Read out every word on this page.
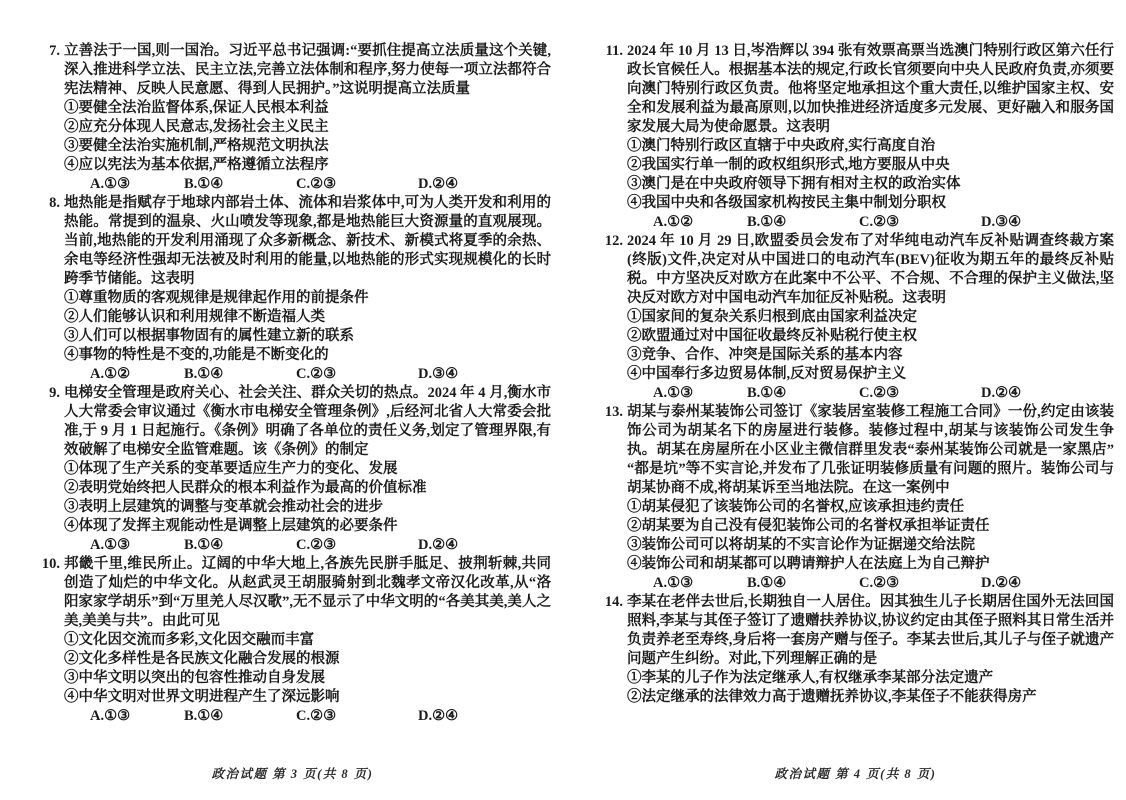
7. 立善法于一国,则一国治。习近平总书记强调:“要抓住提高立法质量这个关键,深入推进科学立法、民主立法,完善立法体制和程序,努力使每一项立法都符合宪法精神、反映人民意愿、得到人民拥护。”这说明提高立法质量

①要健全法治监督体系,保证人民根本利益

②应充分体现人民意志,发扬社会主义民主

③要健全法治实施机制,严格规范文明执法

④应以宪法为基本依据,严格遵循立法程序

A.①③	B.①④	C.②③	D.②④
8. 地热能是指赋存于地球内部岩土体、流体和岩浆体中,可为人类开发和利用的热能。常提到的温泉、火山喷发等现象,都是地热能巨大资源量的直观展现。当前,地热能的开发利用涌现了众多新概念、新技术、新模式将夏季的余热、余电等经济性强却无法被及时利用的能量,以地热能的形式实现规模化的长时跨季节储能。这表明

①尊重物质的客观规律是规律起作用的前提条件

②人们能够认识和利用规律不断造福人类

③人们可以根据事物固有的属性建立新的联系

④事物的特性是不变的,功能是不断变化的

A.①②	B.①④	C.②③	D.③④
9. 电梯安全管理是政府关心、社会关注、群众关切的热点。2024 年 4 月,衡水市人大常委会审议通过《衡水市电梯安全管理条例》,后经河北省人大常委会批准,于 9 月 1 日起施行。《条例》明确了各单位的责任义务,划定了管理界限,有效破解了电梯安全监管难题。该《条例》的制定

①体现了生产关系的变革要适应生产力的变化、发展

②表明党始终把人民群众的根本利益作为最高的价值标准

③表明上层建筑的调整与变革就会推动社会的进步

④体现了发挥主观能动性是调整上层建筑的必要条件

A.①③	B.①④	C.②③	D.②④
10. 邦畿千里,维民所止。辽阔的中华大地上,各族先民胼手胝足、披荆斩棘,共同创造了灿烂的中华文化。从赵武灵王胡服骑射到北魏孝文帝汉化改革,从“洛阳家家学胡乐”到“万里羌人尽汉歌”,无不显示了中华文明的“各美其美,美人之美,美美与共”。由此可见

①文化因交流而多彩,文化因交融而丰富

②文化多样性是各民族文化融合发展的根源

③中华文明以突出的包容性推动自身发展

④中华文明对世界文明进程产生了深远影响

A.①③	B.①④	C.②③	D.②④
政治试题 第 3 页(共 8 页)
11. 2024 年 10 月 13 日,岑浩辉以 394 张有效票高票当选澳门特别行政区第六任行政长官候任人。根据基本法的规定,行政长官须要向中央人民政府负责,亦须要向澳门特别行政区负责。他将坚定地承担这个重大责任,以维护国家主权、安全和发展利益为最高原则,以加快推进经济适度多元发展、更好融入和服务国家发展大局为使命愿景。这表明

①澳门特别行政区直辖于中央政府,实行高度自治

②我国实行单一制的政权组织形式,地方要服从中央

③澳门是在中央政府领导下拥有相对主权的政治实体

④我国中央和各级国家机构按民主集中制划分职权

A.①②	B.①④	C.②③	D.③④
12. 2024 年 10 月 29 日,欧盟委员会发布了对华纯电动汽车反补贴调查终裁方案(终版)文件,决定对从中国进口的电动汽车(BEV)征收为期五年的最终反补贴税。中方坚决反对欧方在此案中不公平、不合规、不合理的保护主义做法,坚决反对欧方对中国电动汽车加征反补贴税。这表明

①国家间的复杂关系归根到底由国家利益决定

②欧盟通过对中国征收最终反补贴税行使主权

③竞争、合作、冲突是国际关系的基本内容

④中国奉行多边贸易体制,反对贸易保护主义

A.①③	B.①④	C.②③	D.②④
13. 胡某与泰州某装饰公司签订《家装居室装修工程施工合同》一份,约定由该装饰公司为胡某名下的房屋进行装修。装修过程中,胡某与该装饰公司发生争执。胡某在房屋所在小区业主微信群里发表“泰州某装饰公司就是一家黑店”“都是坑”等不实言论,并发布了几张证明装修质量有问题的照片。装饰公司与胡某协商不成,将胡某诉至当地法院。在这一案例中

①胡某侵犯了该装饰公司的名誉权,应该承担违约责任

②胡某要为自己没有侵犯装饰公司的名誉权承担举证责任

③装饰公司可以将胡某的不实言论作为证据递交给法院

④装饰公司和胡某都可以聘请辩护人在法庭上为自己辩护

A.①③	B.①④	C.②③	D.②④
14. 李某在老伴去世后,长期独自一人居住。因其独生儿子长期居住国外无法回国照料,李某与其侄子签订了遗赠扶养协议,协议约定由其侄子照料其日常生活并负责养老至寿终,身后将一套房产赠与侄子。李某去世后,其儿子与侄子就遗产问题产生纠纷。对此,下列理解正确的是

①李某的儿子作为法定继承人,有权继承李某部分法定遗产

②法定继承的法律效力高于遗赠抚养协议,李某侄子不能获得房产

政治试题 第 4 页(共 8 页)
